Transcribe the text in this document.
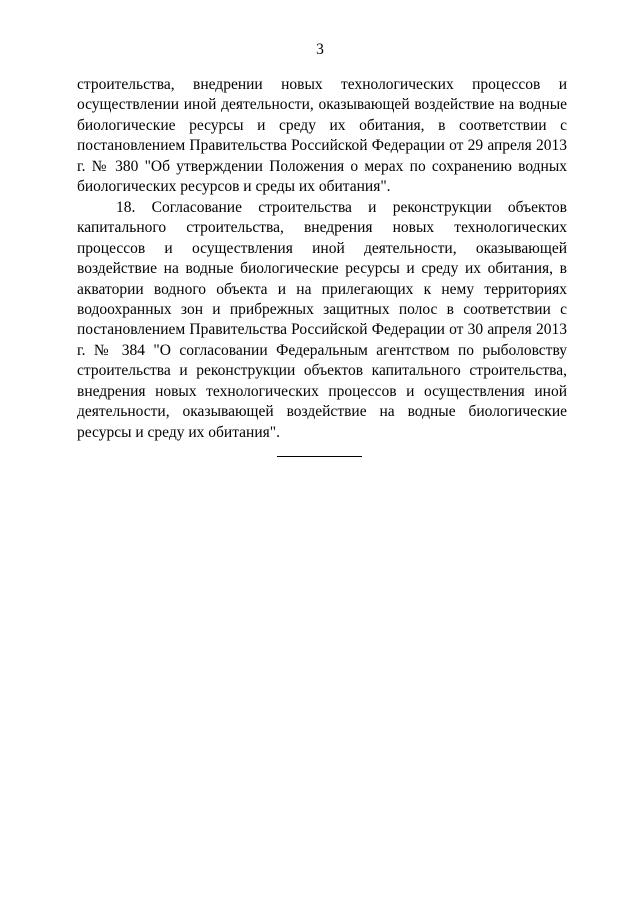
3

строительства, внедрении новых технологических процессов и осуществлении иной деятельности, оказывающей воздействие на водные биологические ресурсы и среду их обитания, в соответствии с постановлением Правительства Российской Федерации от 29 апреля 2013 г. № 380 "Об утверждении Положения о мерах по сохранению водных биологических ресурсов и среды их обитания".

18. Согласование строительства и реконструкции объектов капитального строительства, внедрения новых технологических процессов и осуществления иной деятельности, оказывающей воздействие на водные биологические ресурсы и среду их обитания, в акватории водного объекта и на прилегающих к нему территориях водоохранных зон и прибрежных защитных полос в соответствии с постановлением Правительства Российской Федерации от 30 апреля 2013 г. № 384 "О согласовании Федеральным агентством по рыболовству строительства и реконструкции объектов капитального строительства, внедрения новых технологических процессов и осуществления иной деятельности, оказывающей воздействие на водные биологические ресурсы и среду их обитания".
